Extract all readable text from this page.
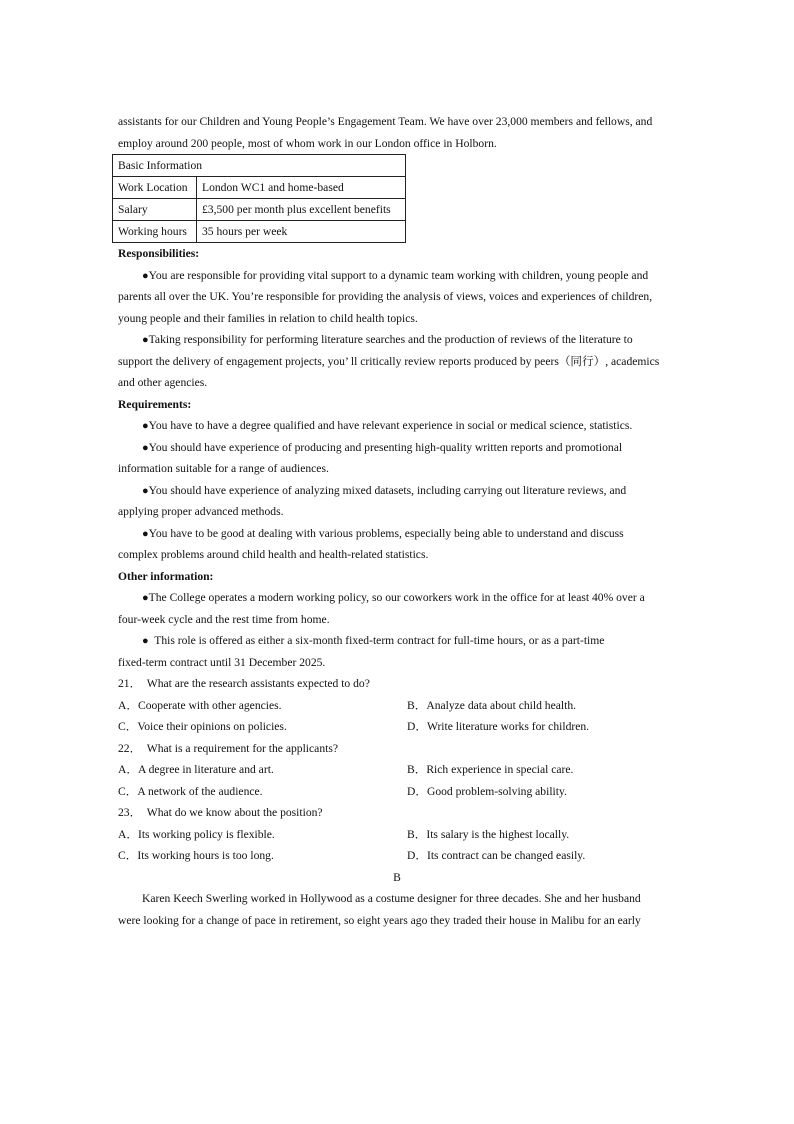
assistants for our Children and Young People’s Engagement Team. We have over 23,000 members and fellows, and
employ around 200 people, most of whom work in our London office in Holborn.
Basic Information	
Work Location	London WC1 and home-based
Salary	£3,500 per month plus excellent benefits
Working hours	35 hours per week
Responsibilities:
●You are responsible for providing vital support to a dynamic team working with children, young people and
parents all over the UK. You’re responsible for providing the analysis of views, voices and experiences of children,
young people and their families in relation to child health topics.
●Taking responsibility for performing literature searches and the production of reviews of the literature to
support the delivery of engagement projects, you’ ll critically review reports produced by peers（同行）, academics
and other agencies.
Requirements:
●You have to have a degree qualified and have relevant experience in social or medical science, statistics.
●You should have experience of producing and presenting high-quality written reports and promotional
information suitable for a range of audiences.
●You should have experience of analyzing mixed datasets, including carrying out literature reviews, and
applying proper advanced methods.
●You have to be good at dealing with various problems, especially being able to understand and discuss
complex problems around child health and health-related statistics.
Other information:
●The College operates a modern working policy, so our coworkers work in the office for at least 40% over a
four-week cycle and the rest time from home.
●  This role is offered as either a six-month fixed-term contract for full-time hours, or as a part-time
fixed-term contract until 31 December 2025.
21．  What are the research assistants expected to do?
A．Cooperate with other agencies.	B．Analyze data about child health.
C．Voice their opinions on policies.	D．Write literature works for children.
22．  What is a requirement for the applicants?
A．A degree in literature and art.	B．Rich experience in special care.
C．A network of the audience.	D．Good problem-solving ability.
23．  What do we know about the position?
A．Its working policy is flexible.	B．Its salary is the highest locally.
C．Its working hours is too long.	D．Its contract can be changed easily.
B
Karen Keech Swerling worked in Hollywood as a costume designer for three decades. She and her husband
were looking for a change of pace in retirement, so eight years ago they traded their house in Malibu for an early
